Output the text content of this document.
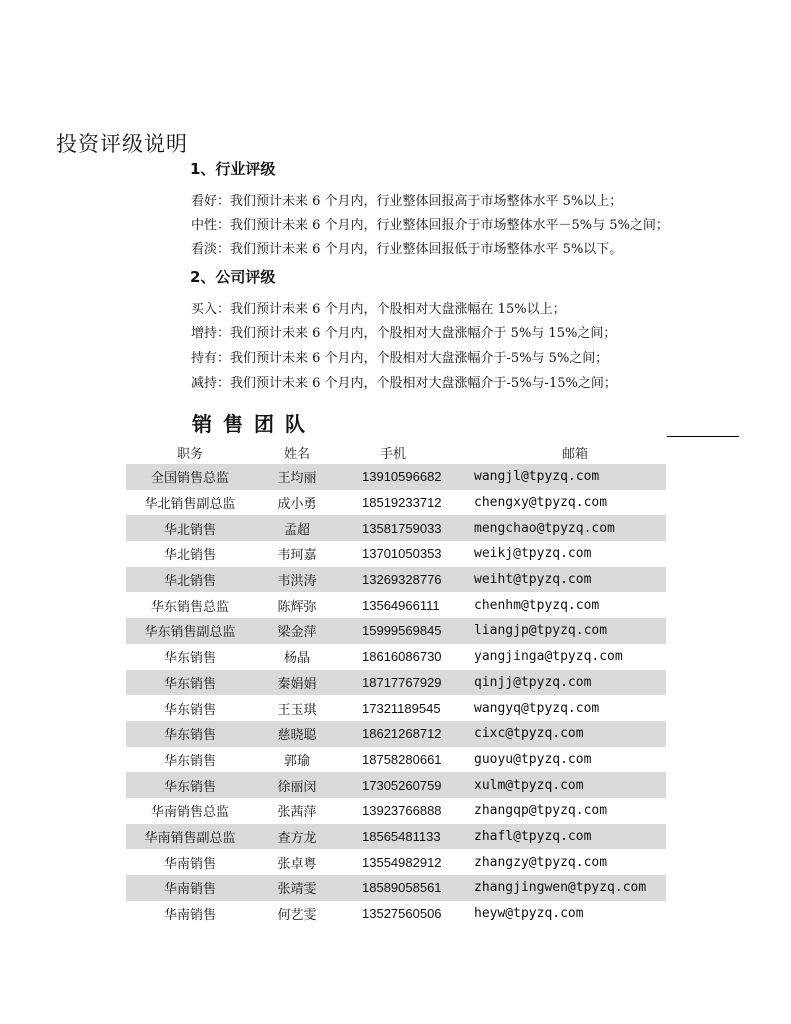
投资评级说明
1、行业评级
看好：我们预计未来 6 个月内，行业整体回报高于市场整体水平 5%以上；
中性：我们预计未来 6 个月内，行业整体回报介于市场整体水平－5%与 5%之间；
看淡：我们预计未来 6 个月内，行业整体回报低于市场整体水平 5%以下。
2、公司评级
买入：我们预计未来 6 个月内，个股相对大盘涨幅在 15%以上；
增持：我们预计未来 6 个月内，个股相对大盘涨幅介于 5%与 15%之间；
持有：我们预计未来 6 个月内，个股相对大盘涨幅介于-5%与 5%之间；
减持：我们预计未来 6 个月内，个股相对大盘涨幅介于-5%与-15%之间；
销售团队
职务	姓名	手机	邮箱
全国销售总监	王均丽	13910596682	wangjl@tpyzq.com
华北销售副总监	成小勇	18519233712	chengxy@tpyzq.com
华北销售	孟超	13581759033	mengchao@tpyzq.com
华北销售	韦珂嘉	13701050353	weikj@tpyzq.com
华北销售	韦洪涛	13269328776	weiht@tpyzq.com
华东销售总监	陈辉弥	13564966111	chenhm@tpyzq.com
华东销售副总监	梁金萍	15999569845	liangjp@tpyzq.com
华东销售	杨晶	18616086730	yangjinga@tpyzq.com
华东销售	秦娟娟	18717767929	qinjj@tpyzq.com
华东销售	王玉琪	17321189545	wangyq@tpyzq.com
华东销售	慈晓聪	18621268712	cixc@tpyzq.com
华东销售	郭瑜	18758280661	guoyu@tpyzq.com
华东销售	徐丽闵	17305260759	xulm@tpyzq.com
华南销售总监	张茜萍	13923766888	zhangqp@tpyzq.com
华南销售副总监	查方龙	18565481133	zhafl@tpyzq.com
华南销售	张卓粤	13554982912	zhangzy@tpyzq.com
华南销售	张靖雯	18589058561	zhangjingwen@tpyzq.com
华南销售	何艺雯	13527560506	heyw@tpyzq.com
